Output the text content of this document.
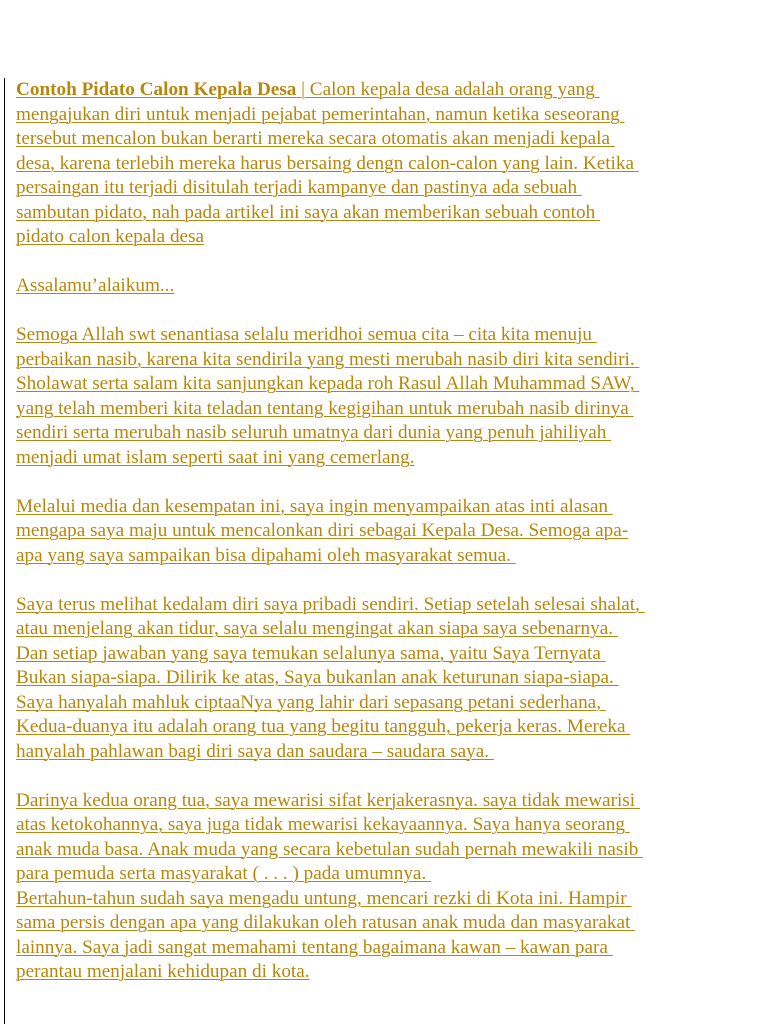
Contoh Pidato Calon Kepala Desa | Calon kepala desa adalah orang yang
mengajukan diri untuk menjadi pejabat pemerintahan, namun ketika seseorang
tersebut mencalon bukan berarti mereka secara otomatis akan menjadi kepala
desa, karena terlebih mereka harus bersaing dengn calon-calon yang lain. Ketika
persaingan itu terjadi disitulah terjadi kampanye dan pastinya ada sebuah
sambutan pidato, nah pada artikel ini saya akan memberikan sebuah contoh
pidato calon kepala desa
Assalamu’alaikum...
Semoga Allah swt senantiasa selalu meridhoi semua cita – cita kita menuju
perbaikan nasib, karena kita sendirila yang mesti merubah nasib diri kita sendiri.
Sholawat serta salam kita sanjungkan kepada roh Rasul Allah Muhammad SAW,
yang telah memberi kita teladan tentang kegigihan untuk merubah nasib dirinya
sendiri serta merubah nasib seluruh umatnya dari dunia yang penuh jahiliyah
menjadi umat islam seperti saat ini yang cemerlang.
Melalui media dan kesempatan ini, saya ingin menyampaikan atas inti alasan
mengapa saya maju untuk mencalonkan diri sebagai Kepala Desa. Semoga apa-
apa yang saya sampaikan bisa dipahami oleh masyarakat semua.
Saya terus melihat kedalam diri saya pribadi sendiri. Setiap setelah selesai shalat,
atau menjelang akan tidur, saya selalu mengingat akan siapa saya sebenarnya.
Dan setiap jawaban yang saya temukan selalunya sama, yaitu Saya Ternyata
Bukan siapa-siapa. Dilirik ke atas, Saya bukanlan anak keturunan siapa-siapa.
Saya hanyalah mahluk ciptaaNya yang lahir dari sepasang petani sederhana,
Kedua-duanya itu adalah orang tua yang begitu tangguh, pekerja keras. Mereka
hanyalah pahlawan bagi diri saya dan saudara – saudara saya.
Darinya kedua orang tua, saya mewarisi sifat kerjakerasnya. saya tidak mewarisi
atas ketokohannya, saya juga tidak mewarisi kekayaannya. Saya hanya seorang
anak muda basa. Anak muda yang secara kebetulan sudah pernah mewakili nasib
para pemuda serta masyarakat ( . . . ) pada umumnya.
Bertahun-tahun sudah saya mengadu untung, mencari rezki di Kota ini. Hampir
sama persis dengan apa yang dilakukan oleh ratusan anak muda dan masyarakat
lainnya. Saya jadi sangat memahami tentang bagaimana kawan – kawan para
perantau menjalani kehidupan di kota.
